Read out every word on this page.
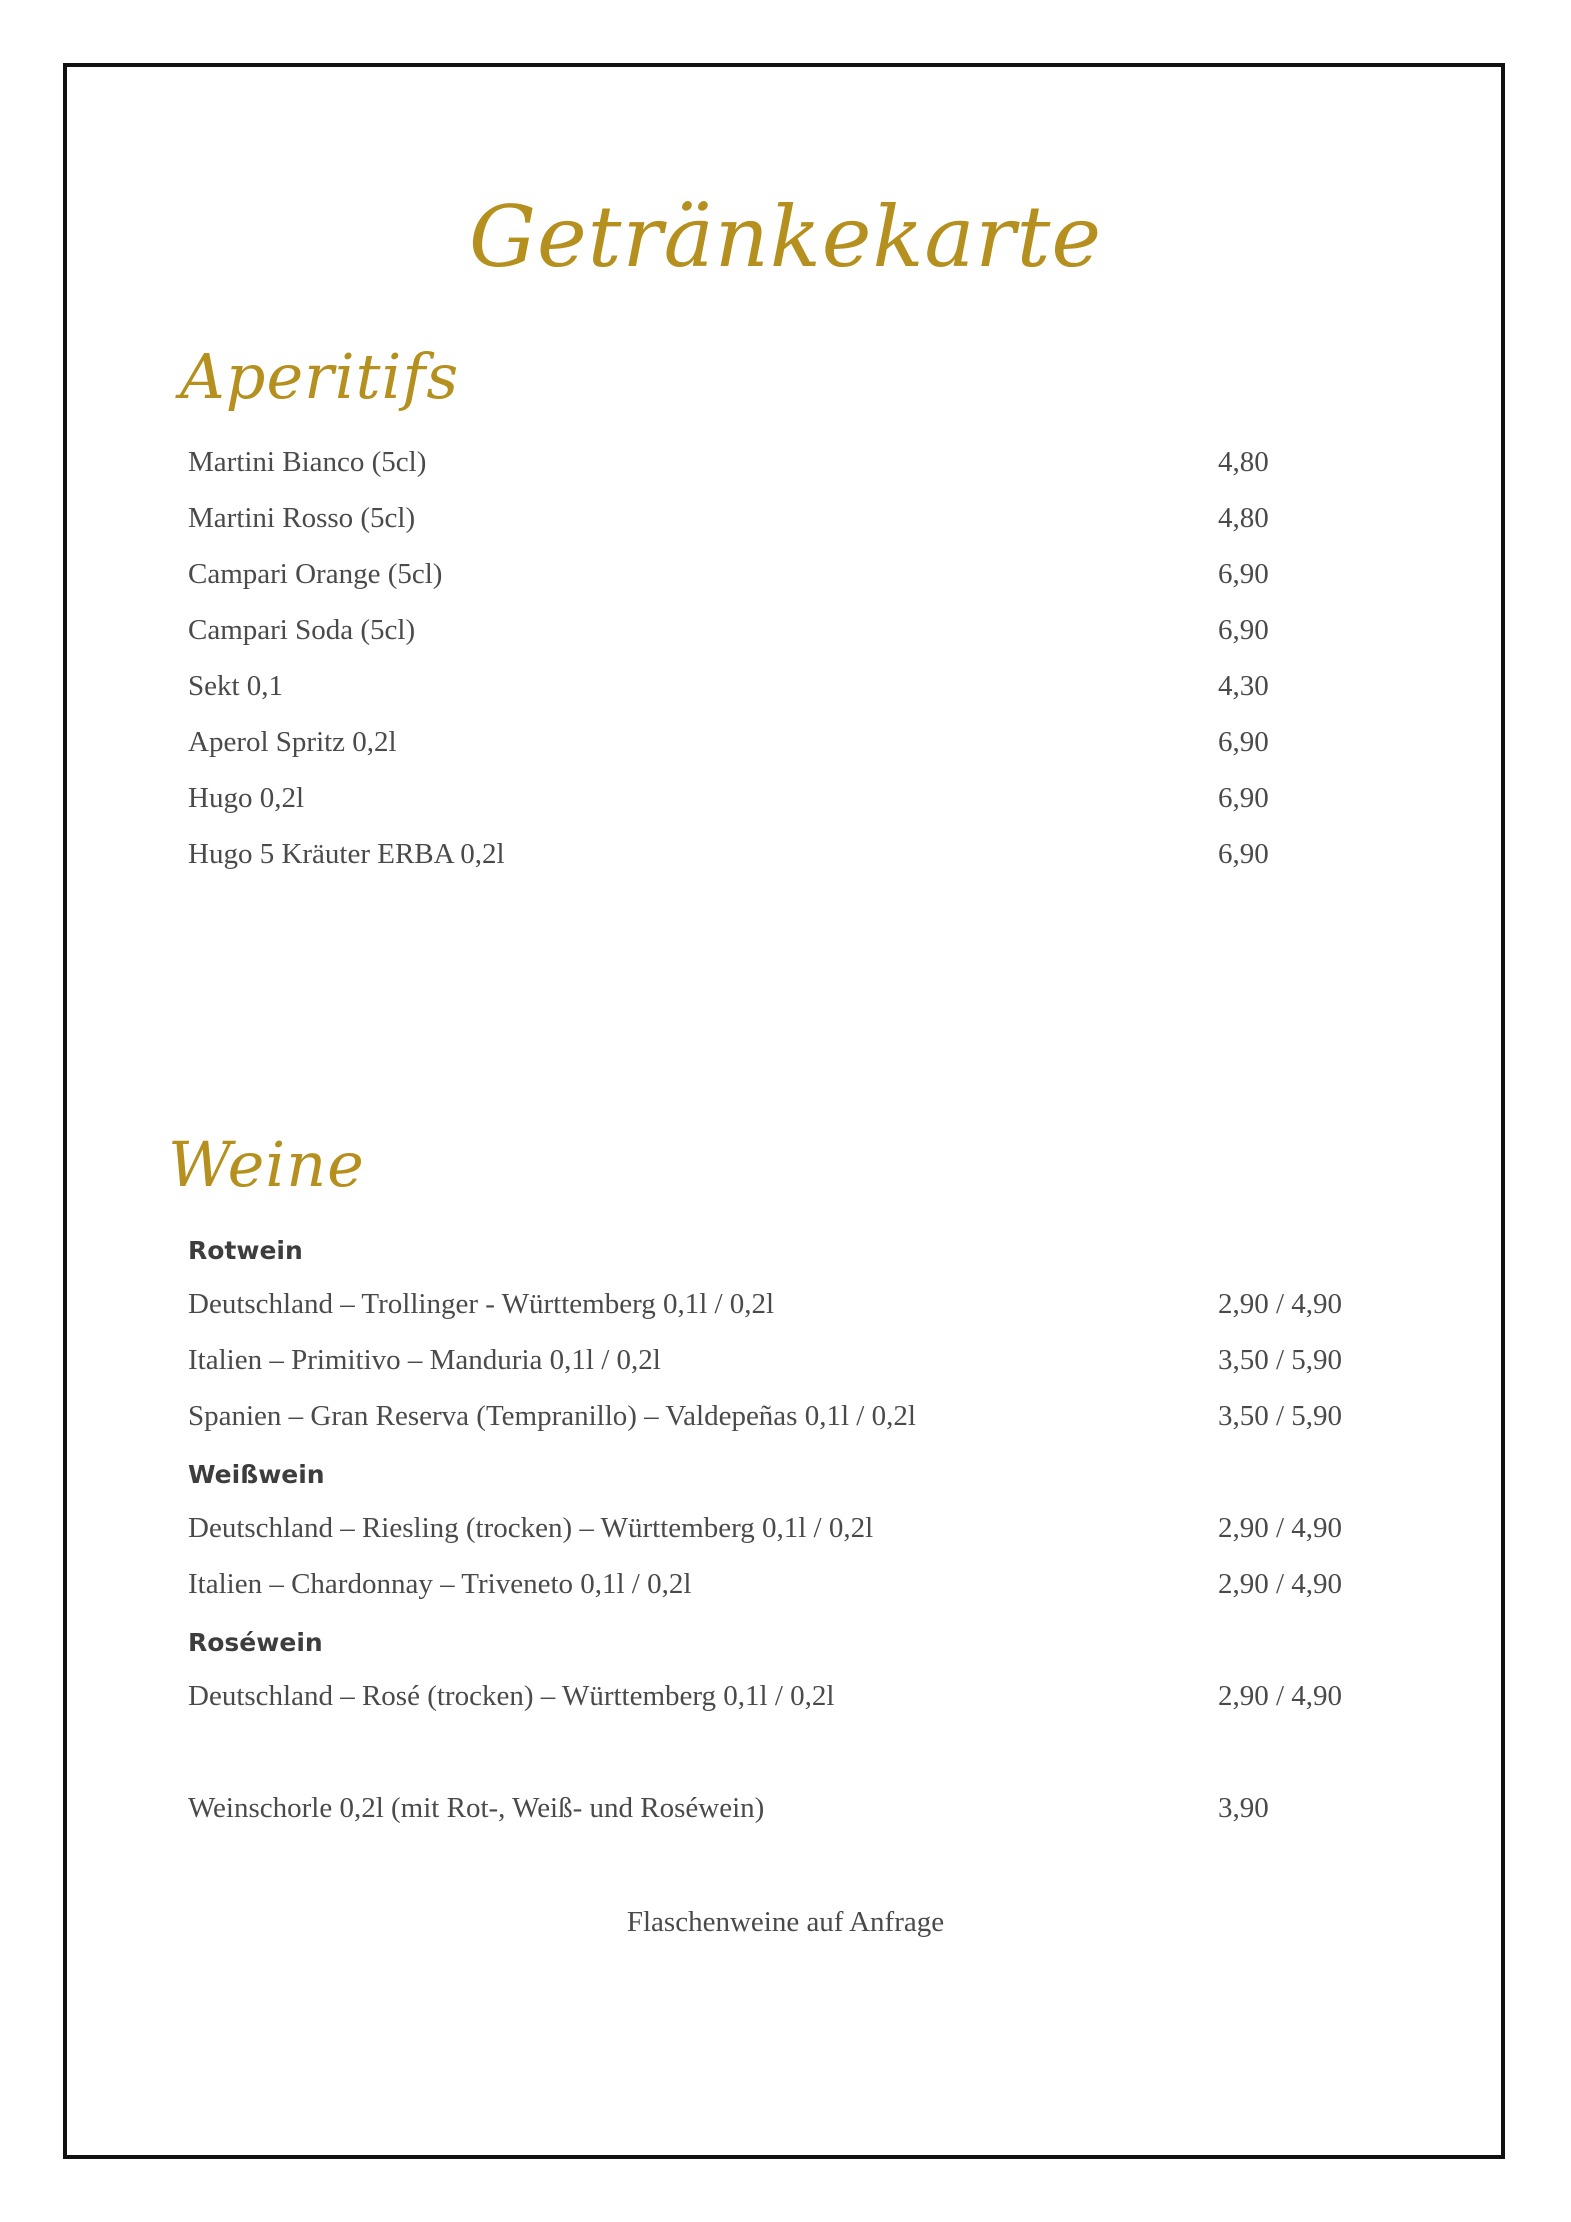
Getränkekarte
Aperitifs
Martini Bianco (5cl)	4,80
Martini Rosso (5cl)	4,80
Campari Orange (5cl)	6,90
Campari Soda (5cl)	6,90
Sekt 0,1	4,30
Aperol Spritz 0,2l	6,90
Hugo 0,2l	6,90
Hugo 5 Kräuter ERBA 0,2l	6,90
Weine
Rotwein
Deutschland – Trollinger - Württemberg 0,1l / 0,2l	2,90 / 4,90
Italien – Primitivo – Manduria 0,1l / 0,2l	3,50 / 5,90
Spanien – Gran Reserva (Tempranillo) – Valdepeñas 0,1l / 0,2l	3,50 / 5,90
Weißwein
Deutschland – Riesling (trocken) – Württemberg 0,1l / 0,2l	2,90 / 4,90
Italien – Chardonnay – Triveneto 0,1l / 0,2l	2,90 / 4,90
Roséwein
Deutschland – Rosé (trocken) – Württemberg 0,1l / 0,2l	2,90 / 4,90
Weinschorle 0,2l (mit Rot-, Weiß- und Roséwein)	3,90
Flaschenweine auf Anfrage
